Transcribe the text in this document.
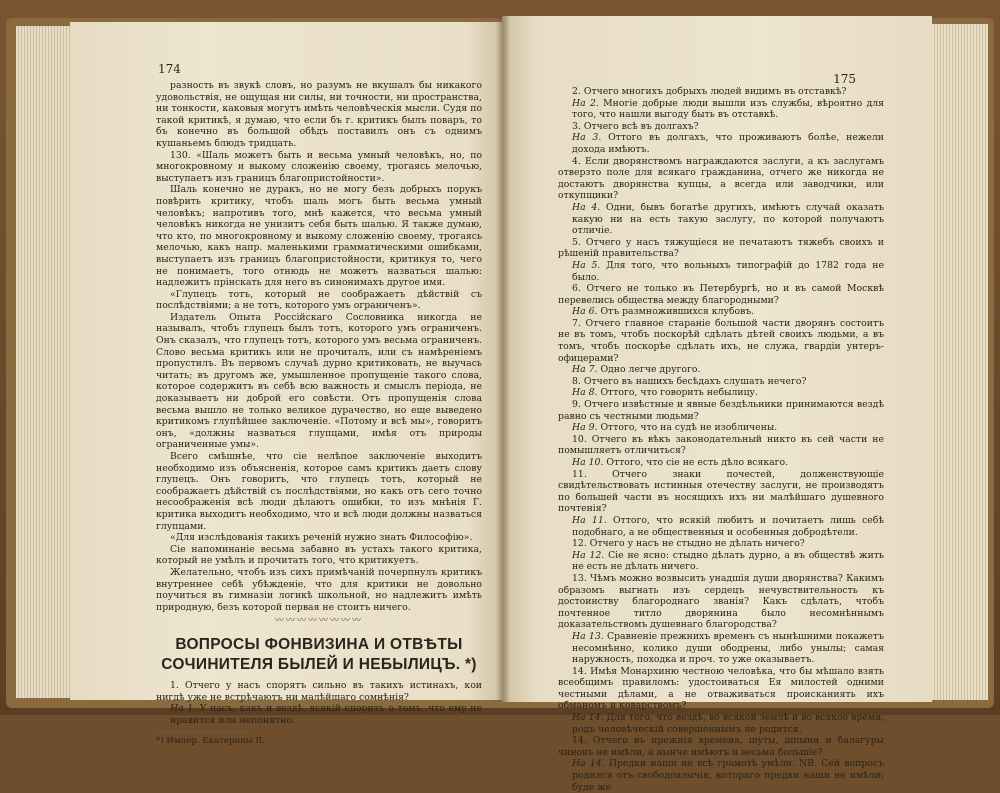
174

разность въ звукѣ словъ, но разумъ не вкушалъ бы никакого удовольствія, не ощущая ни силы, ни точности, ни пространства, ни тонкости, каковыя могутъ имѣть человѣческія мысли. Судя по такой критикѣ, я думаю, что если бъ г. критикъ былъ поваръ, то бъ конечно въ большой обѣдъ поставилъ онъ съ однимъ кушаньемъ блюдъ тридцать.

130. «Шаль можетъ быть и весьма умный человѣкъ, но, по многокровному и выкому сложенію своему, трогаясь мелочью, выступаетъ изъ границъ благопристойности».

Шаль конечно не дуракъ, но не могу безъ добрыхъ порукъ повѣрить критику, чтобъ шаль могъ быть весьма умный человѣкъ; напротивъ того, мнѣ кажется, что весьма умный человѣкъ никогда не унизитъ себя быть шалью. Я также думаю, что кто, по многокровному и выкому сложенію своему, трогаясь мелочью, какъ напр. маленькими грамматическими ошибками, выступаетъ изъ границъ благопристойности, критикуя то, чего не понимаетъ, того отнюдь не можетъ назваться шалью: надлежитъ прінскать для него въ синонимахъ другое имя.

«Глупецъ тотъ, который не соображаетъ дѣйствій съ послѣдствіями; а не тотъ, которого умъ ограниченъ».

Издатель Опыта Россійскаго Сословника никогда не называлъ, чтобъ глупецъ былъ тотъ, которого умъ ограниченъ. Онъ сказалъ, что глупецъ тотъ, которого умъ весьма ограниченъ. Слово весьма критикъ или не прочиталъ, или съ намѣреніемъ пропустилъ. Въ первомъ случаѣ дурно критиковать, не выучась читать; въ другомъ же, умышленное пропущеніе такого слова, которое содержитъ въ себѣ всю важность и смыслъ періода, не доказываетъ ни доброй его совѣсти. Отъ пропущенія слова весьма вышло не только великое дурачество, но еще выведено критикомъ глупѣйшее заключеніе. «Потому и всѣ мы», говоритъ онъ, «должны назваться глупцами, имѣя отъ природы ограниченные умы».

Всего смѣшнѣе, что сіе нелѣпое заключеніе выходитъ необходимо изъ объясненія, которое самъ критикъ даетъ слову глупецъ. Онъ говоритъ, что глупецъ тотъ, который не соображаетъ дѣйствій съ послѣдствіями, но какъ отъ сего точно несоображенія всѣ люди дѣлаютъ ошибки, то изъ мнѣнія Г. критика выходитъ необходимо, что и всѣ люди должны назваться глупцами.

«Для изслѣдованія такихъ реченій нужно знать Философію».

Сіе напоминаніе весьма забавно въ устахъ такого критика, который не умѣлъ и прочитать того, что критикуетъ.

Желательно, чтобъ изъ сихъ примѣчаній почерпнулъ критикъ внутреннее себѣ убѣжденіе, что для критики не довольно поучиться въ гимназіи логикѣ школьной, но надлежитъ имѣть природную, безъ которой первая не стоитъ ничего.

〰〰〰〰〰〰〰〰
ВОПРОСЫ ФОНВИЗИНА И ОТВѢТЫ СОЧИНИТЕЛЯ БЫЛЕЙ И НЕБЫЛИЦЪ. *)

1. Отчего у насъ спорятъ сильно въ такихъ истинахъ, кои нигдѣ уже не встрѣчаютъ ни малѣйшаго сомнѣнія?

На 1. У насъ, какъ и вездѣ, всякій споритъ о томъ, что ему не нравится или непонятно.

*) Импер. Екатерины II.
175

2. Отчего многихъ добрыхъ людей видимъ въ отставкѣ?

На 2. Многіе добрые люди вышли изъ службы, вѣроятно для того, что нашли выгоду быть въ отставкѣ.

3. Отчего всѣ въ долгахъ?

На 3. Оттого въ долгахъ, что проживаютъ болѣе, нежели дохода имѣютъ.

4. Если дворянствомъ награждаются заслуги, а къ заслугамъ отверзто поле для всякаго гражданина, отчего же никогда не достаютъ дворянства купцы, а всегда или заводчики, или откупщики?

На 4. Одни, бывъ богатѣе другихъ, имѣютъ случай оказать какую ни на есть такую заслугу, по которой получаютъ отличіе.

5. Отчего у насъ тяжущіеся не печатаютъ тяжебъ своихъ и рѣшеній правительства?

На 5. Для того, что вольныхъ типографій до 1782 года не было.

6. Отчего не только въ Петербургѣ, но и въ самой Москвѣ перевелись общества между благородными?

На 6. Отъ размножившихся клубовъ.

7. Отчего главное стараніе большой части дворянъ состоитъ не въ томъ, чтобъ поскорѣй сдѣлать дѣтей своихъ людьми, а въ томъ, чтобъ поскорѣе сдѣлать ихъ, не служа, гвардіи унтеръ-офицерами?

На 7. Одно легче другого.

8. Отчего въ нашихъ бесѣдахъ слушать нечего?

На 8. Оттого, что говорить небылицу.

9. Отчего извѣстные и явные бездѣльники принимаются вездѣ равно съ честными людьми?

На 9. Оттого, что на судѣ не изобличены.

10. Отчего въ вѣкъ законодательный никто въ сей части не помышляетъ отличиться?

На 10. Оттого, что сіе не есть дѣло всякаго.

11. Отчего знаки почестей, долженствующіе свидѣтельствовать истинныя отечеству заслуги, не производятъ по большей части въ носящихъ ихъ ни малѣйшаго душевного почтенія?

На 11. Оттого, что всякій любитъ и почитаетъ лишь себѣ подобнаго, а не общественныя и особенныя добродѣтели.

12. Отчего у насъ не стыдно не дѣлать ничего?

На 12. Сіе не ясно: стыдно дѣлать дурно, а въ обществѣ жить не есть не дѣлать ничего.

13. Чѣмъ можно возвысить унадшія души дворянства? Какимъ образомъ выгнать изъ сердецъ нечувствительность къ достоинству благороднаго званія? Какъ сдѣлать, чтобъ почтенное титло дворянина было несомнѣннымъ доказательствомъ душевнаго благородства?

На 13. Сравненіе прежнихъ временъ съ нынѣшними покажетъ несомнѣнно, колико души ободрены, либо унылы; самая наружность, походка и проч. то уже оказываетъ.

14. Имѣя Монархиню честною человѣка, что бы мѣшало взять всеобщимъ правиломъ: удостоиваться Ея милостей одними честными дѣлами, а не отваживаться происканиять ихъ обманомъ и коварствомъ?

На 14. Для того, что вездѣ, во всякой землѣ и во всякое время, родъ человѣческій совершеннымъ не родится.

14. Отчего въ прежнія времена, шуты, шпыни и балагуры чиновъ не имѣли, а нынче имѣютъ и весьма большіе?

На 14. Предки наши не всѣ грамотѣ умѣли. NB. Сей вопросъ родился отъ свободоязычія, котораго предки наши не имѣли; буде же
